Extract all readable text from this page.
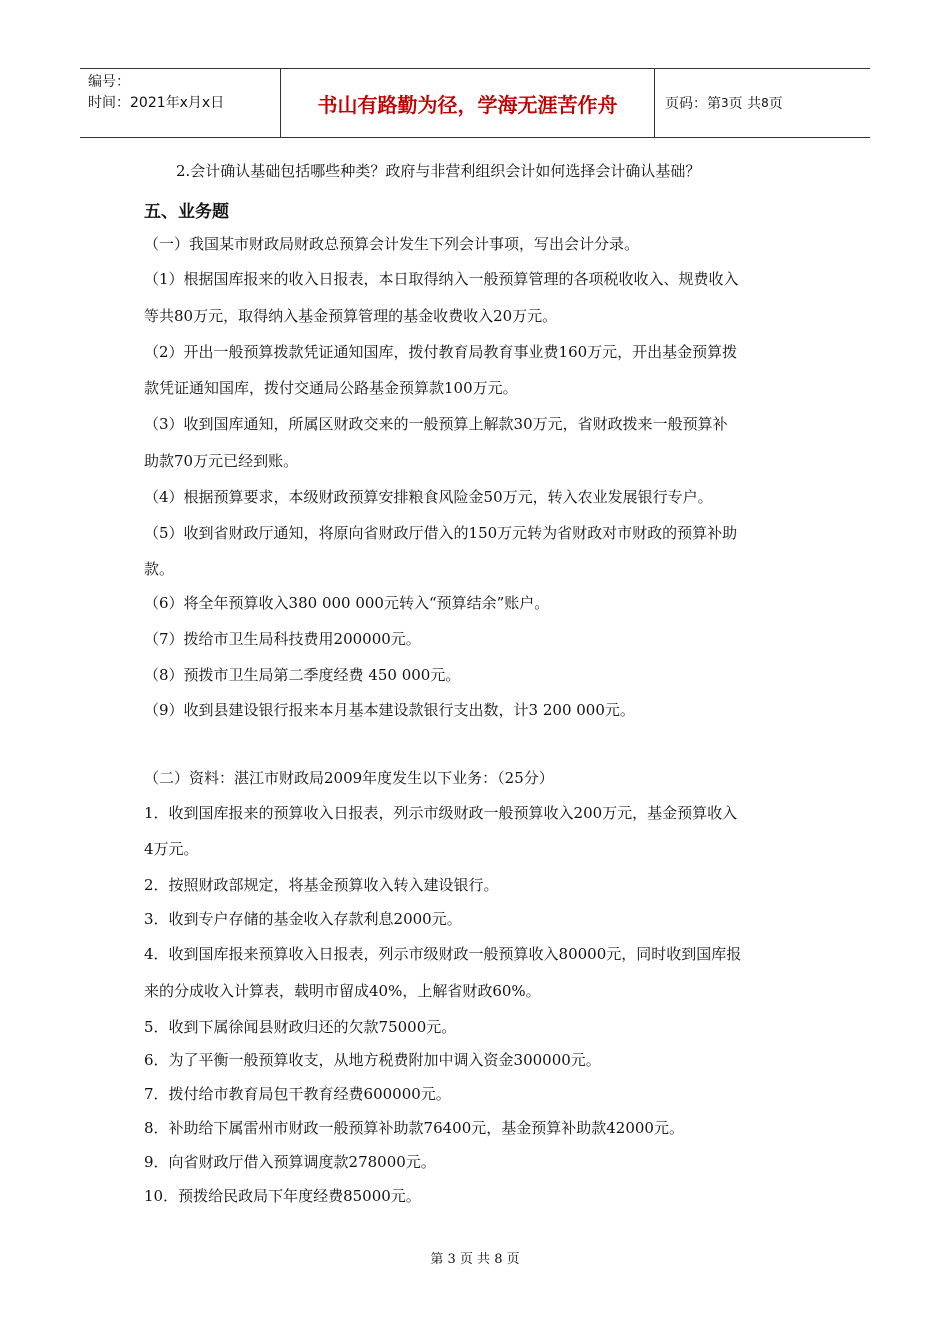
编号：
时间：2021年x月x日	书山有路勤为径，学海无涯苦作舟	页码：第 3 页 共 8 页
2.会计确认基础包括哪些种类？政府与非营利组织会计如何选择会计确认基础？
五、业务题
（一）我国某市财政局财政总预算会计发生下列会计事项，写出会计分录。
（1）根据国库报来的收入日报表，本日取得纳入一般预算管理的各项税收收入、规费收入
等共80万元，取得纳入基金预算管理的基金收费收入20万元。
（2）开出一般预算拨款凭证通知国库，拨付教育局教育事业费160万元，开出基金预算拨
款凭证通知国库，拨付交通局公路基金预算款100万元。
（3）收到国库通知，所属区财政交来的一般预算上解款30万元，省财政拨来一般预算补
助款70万元已经到账。
（4）根据预算要求，本级财政预算安排粮食风险金50万元，转入农业发展银行专户。
（5）收到省财政厅通知，将原向省财政厅借入的150万元转为省财政对市财政的预算补助
款。
（6）将全年预算收入380 000 000元转入“预算结余”账户。
（7）拨给市卫生局科技费用200000元。
（8）预拨市卫生局第二季度经费 450 000元。
（9）收到县建设银行报来本月基本建设款银行支出数，计3 200 000元。
（二）资料：湛江市财政局2009年度发生以下业务：（25分）
1．收到国库报来的预算收入日报表，列示市级财政一般预算收入200万元，基金预算收入
4万元。
2．按照财政部规定，将基金预算收入转入建设银行。
3．收到专户存储的基金收入存款利息2000元。
4．收到国库报来预算收入日报表，列示市级财政一般预算收入80000元，同时收到国库报
来的分成收入计算表，载明市留成40%，上解省财政60%。
5．收到下属徐闻县财政归还的欠款75000元。
6．为了平衡一般预算收支，从地方税费附加中调入资金300000元。
7．拨付给市教育局包干教育经费600000元。
8．补助给下属雷州市财政一般预算补助款76400元，基金预算补助款42000元。
9．向省财政厅借入预算调度款278000元。
10．预拨给民政局下年度经费85000元。
第 3 页 共 8 页
